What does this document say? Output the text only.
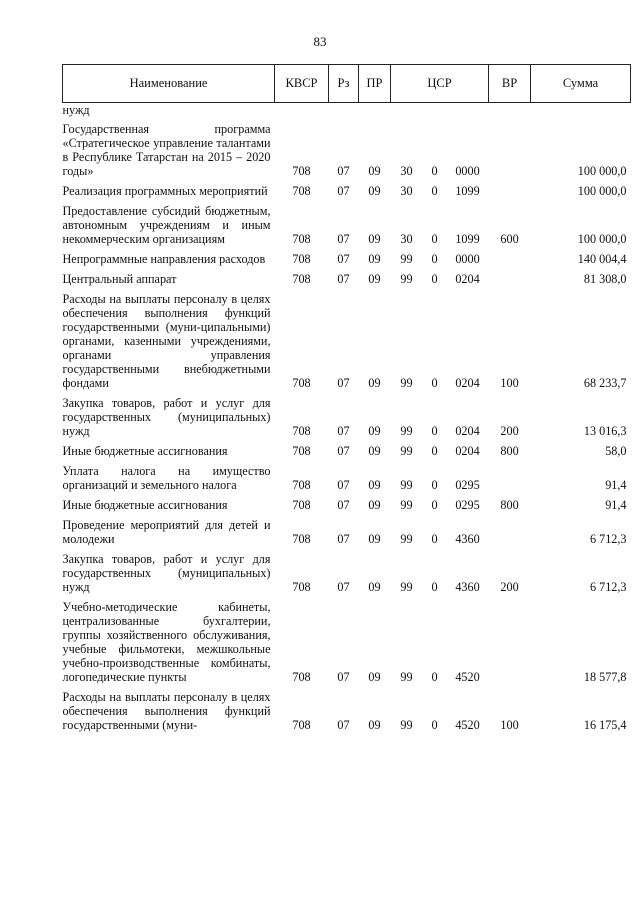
83
Наименование	КВСР	Рз	ПР	ЦСР			ВР	Сумма
нужд								
Государственная программа «Стратегическое управление талантами в Республике Татарстан на 2015 – 2020 годы»	708	07	09	30	0	0000		100 000,0
Реализация программных мероприятий	708	07	09	30	0	1099		100 000,0
Предоставление субсидий бюджетным, автономным учреждениям и иным некоммерческим организациям	708	07	09	30	0	1099	600	100 000,0
Непрограммные направления расходов	708	07	09	99	0	0000		140 004,4
Центральный аппарат	708	07	09	99	0	0204		81 308,0
Расходы на выплаты персоналу в целях обеспечения выполнения функций государственными (муни-ципальными) органами, казенными учреждениями, органами управления государственными внебюджетными фондами	708	07	09	99	0	0204	100	68 233,7
Закупка товаров, работ и услуг для государственных (муниципальных) нужд	708	07	09	99	0	0204	200	13 016,3
Иные бюджетные ассигнования	708	07	09	99	0	0204	800	58,0
Уплата налога на имущество организаций и земельного налога	708	07	09	99	0	0295		91,4
Иные бюджетные ассигнования	708	07	09	99	0	0295	800	91,4
Проведение мероприятий для детей и молодежи	708	07	09	99	0	4360		6 712,3
Закупка товаров, работ и услуг для государственных (муниципальных) нужд	708	07	09	99	0	4360	200	6 712,3
Учебно-методические кабинеты, централизованные бухгалтерии, группы хозяйственного обслуживания, учебные фильмотеки, межшкольные учебно-производственные комбинаты, логопедические пункты	708	07	09	99	0	4520		18 577,8
Расходы на выплаты персоналу в целях обеспечения выполнения функций государственными (муни-	708	07	09	99	0	4520	100	16 175,4
